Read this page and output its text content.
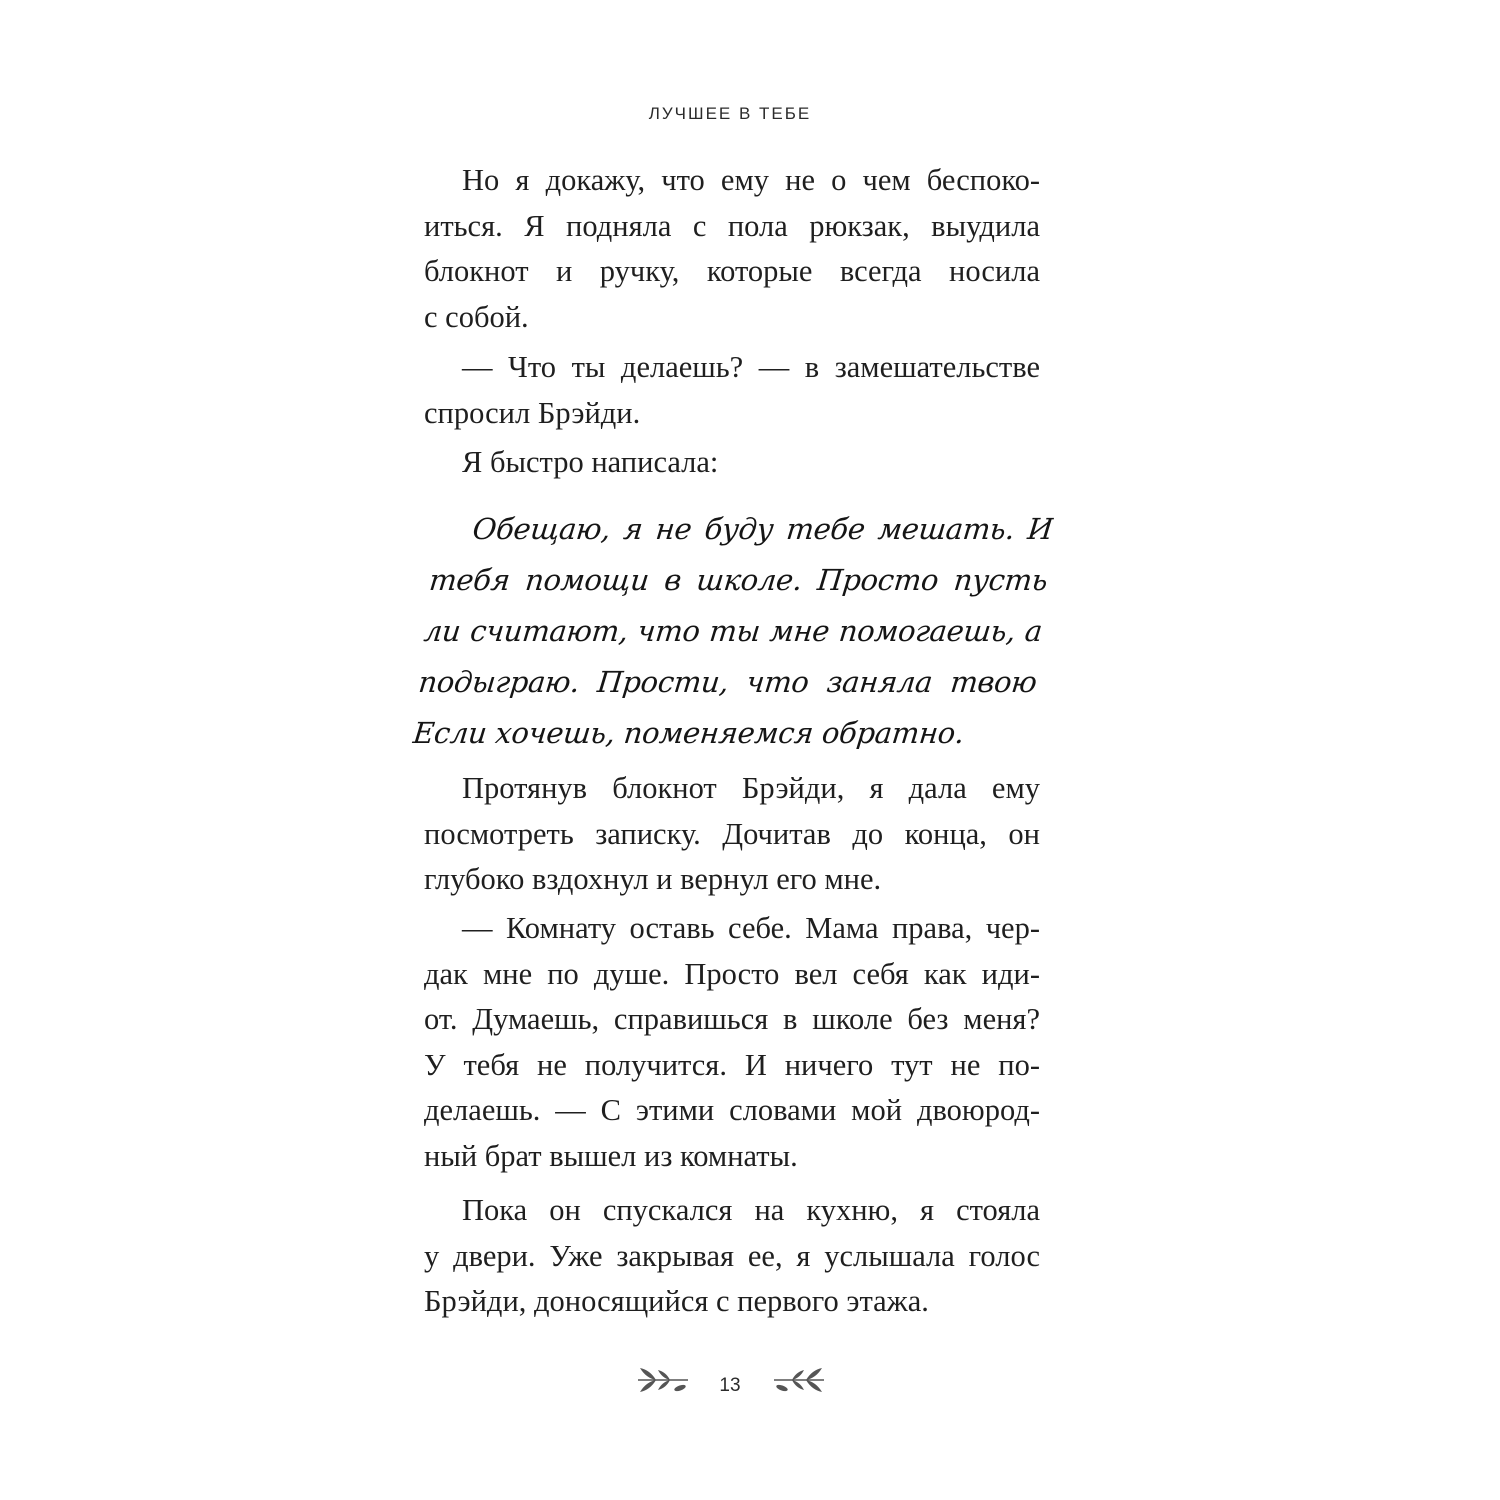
ЛУЧШЕЕ В ТЕБЕ
Но я докажу, что ему не о чем беспоко-
иться. Я подняла с пола рюкзак, выудила
блокнот и ручку, которые всегда носила
с собой.
— Что ты делаешь? — в замешательстве
спросил Брэйди.
Я быстро написала:
Обещаю, я не буду тебе мешать. И
тебя помощи в школе. Просто пусть
ли считают, что ты мне помогаешь, а
подыграю. Прости, что заняла твою
Если хочешь, поменяемся обратно.
Протянув блокнот Брэйди, я дала ему
посмотреть записку. Дочитав до конца, он
глубоко вздохнул и вернул его мне.
— Комнату оставь себе. Мама права, чер-
дак мне по душе. Просто вел себя как иди-
от. Думаешь, справишься в школе без меня?
У тебя не получится. И ничего тут не по-
делаешь. — С этими словами мой двоюрод-
ный брат вышел из комнаты.
Пока он спускался на кухню, я стояла
у двери. Уже закрывая ее, я услышала голос
Брэйди, доносящийся с первого этажа.
13
